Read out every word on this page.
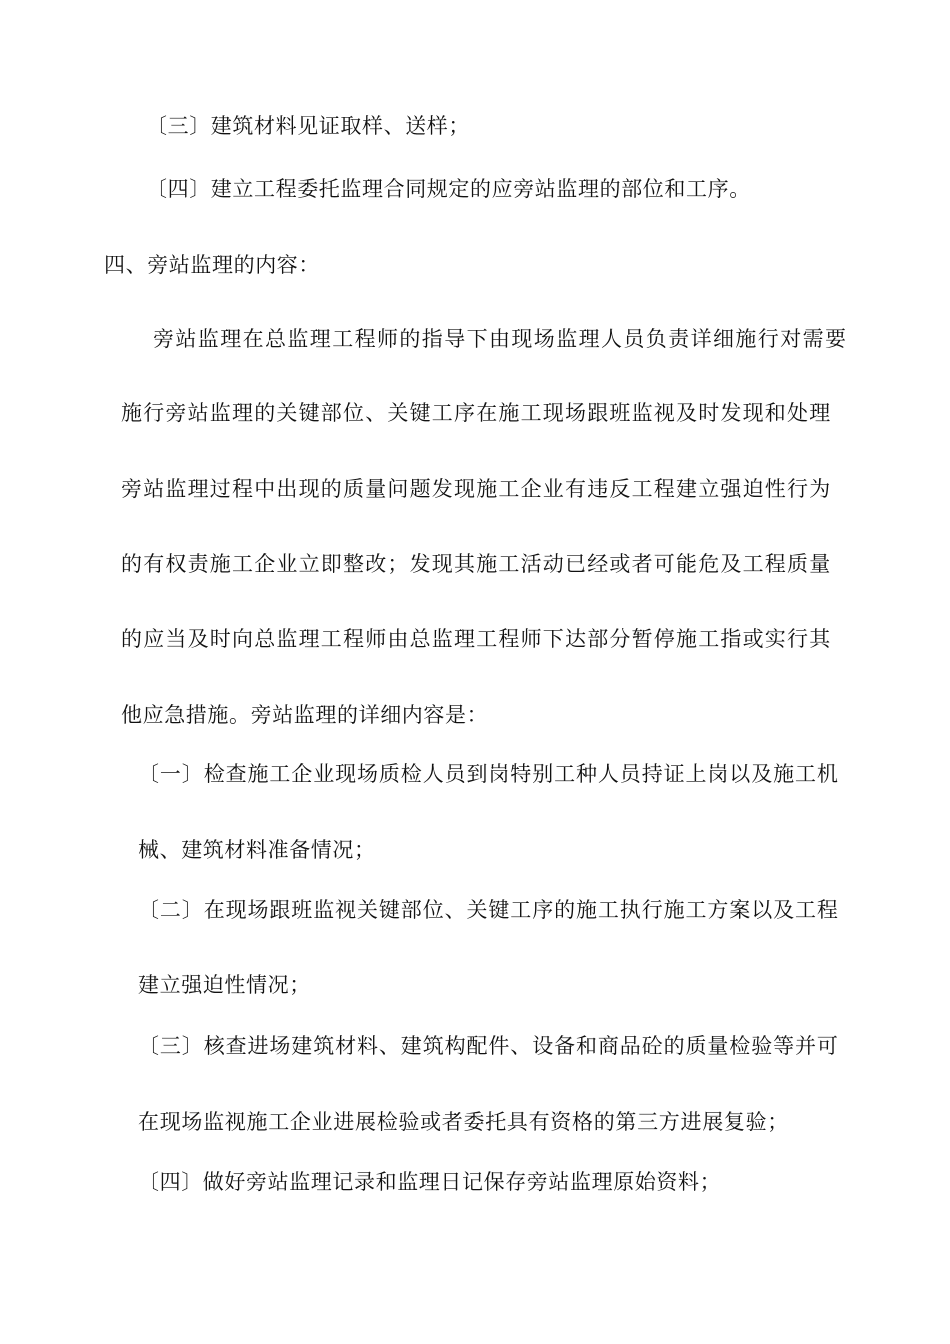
〔三〕建筑材料见证取样、送样；
〔四〕建立工程委托监理合同规定的应旁站监理的部位和工序。
四、旁站监理的内容：
旁站监理在总监理工程师的指导下由现场监理人员负责详细施行对需要
施行旁站监理的关键部位、关键工序在施工现场跟班监视及时发现和处理
旁站监理过程中出现的质量问题发现施工企业有违反工程建立强迫性行为
的有权责施工企业立即整改；发现其施工活动已经或者可能危及工程质量
的应当及时向总监理工程师由总监理工程师下达部分暂停施工指或实行其
他应急措施。旁站监理的详细内容是：
〔一〕检查施工企业现场质检人员到岗特别工种人员持证上岗以及施工机
械、建筑材料准备情况；
〔二〕在现场跟班监视关键部位、关键工序的施工执行施工方案以及工程
建立强迫性情况；
〔三〕核查进场建筑材料、建筑构配件、设备和商品砼的质量检验等并可
在现场监视施工企业进展检验或者委托具有资格的第三方进展复验；
〔四〕做好旁站监理记录和监理日记保存旁站监理原始资料；
